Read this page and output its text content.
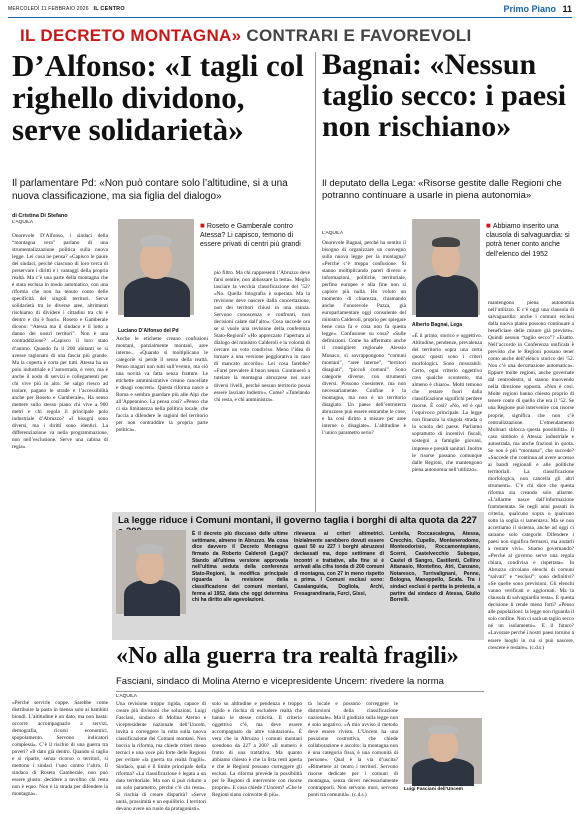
MERCOLEDÌ 11 FEBBRAIO 2026 IL CENTRO	Primo Piano 11
IL DECRETO MONTAGNA» CONTRARI E FAVOREVOLI
D’Alfonso: «I tagli col righello dividono, serve solidarietà»
Il parlamentare Pd: «Non può contare solo l’altitudine, si a una nuova classificazione, ma sia figlia del dialogo»
Bagnai: «Nessun taglio secco: i paesi non rischiano»
Il deputato della Lega: «Risorse gestite dalle Regioni che potranno continuare a usarle in piena autonomia»
di Cristina Di Stefano
L’AQUILA
Luciano D’Alfonso del Pd
■ Roseto e Gamberale contro Atessa? Li capisco, temono di essere privati di centri più grandi
Onorevole D’Alfonso, i sindaci della “montagna vera” parlano di una strumentalizzazione politica sulla nuova legge. Lei cosa ne pensa? «Capisco le paure dei sindaci, perché ciascuno di loro cerca di preservare i diritti e i vantaggi della propria realtà. Ma c’è una parte della montagna che è stata esclusa in modo automatico, con una riforma che non ha tenuto conto delle specificità dei singoli territori. Serve solidarietà tra le diverse aree, altrimenti rischiamo di dividere i cittadini tra chi è dentro e chi è fuori». Roseto e Gamberale dicono: “Atessa ma il sindaco e il lotto a danno dei nostri territori”. Non è una contraddizione? «Capisco il loro stato d’animo. Quando fu il 200 abitanti se si avesse ragionato di una fascia più grande. Ma la coperta è corta per tutti. Atessa ha un polo industriale e l’autostrada, è vero, ma è anche il nodo di servizi e collegamenti per chi vive più in alto. Se salgo riesco ad isolare, pagano le strade e l’accessibilità anche per Roseto e Gamberale». Ha senso mettere sullo stesso piano chi vive a 900 metri e chi regola il principale polo industriale d’Abruzzo? «I bisogni sono diversi, ma i diritti sono identici. La differenziazione va nella programmazione, non nell’esclusione. Serve una cabina di regia».
Anche le etichette creano confusioni montani, parzialmente montani, aree interne... «Quando si moltiplicano le categorie si perde il senso della realtà. Penso magari non tutti sull’evento, ma ciò una novità va fatta senza fratture. Le etichette amministrative creano cancellate e disagi concreti». Questa riforma nasce a Roma e sembra guardare più alle Alpi che all’Appennino. La pensa così? «Penso che ci sia limitatezza nella politica locale; che faccia a difendere le ragioni del territorio per non contraddire la propria parte politica».
pio filtro. Ma chi rappresenti l’Abruzzo deve farsi sentire, non abbassare la testa». Meglio lasciare la vecchia classificazione del ’52? «No. Quella fotografia è superata. Ma la revisione deve nascere dalla concertazione, non dei territori chiusi in una stanza. Servono conoscenza e confronti, non decisioni calate dall’alto». Cosa succede ora se si vuole una revisione della conferenza Stato-Regioni? «Ho apprezzato l’apertura al dialogo del ministro Calderoli e la volontà di cercare un voto condiviso. Meno l’idea di tornare a una versione peggiorativa in caso di mancato accordo». Lei cosa farebbe? «Farei prevalere il buon senso. Continuerò a tutelare la montagna abruzzese nei suoi diversi livelli, perché nessun territorio possa essere lasciato indietro». Come? «Tutelando chi resta, e chi amministra».
L’AQUILA
Alberto Bagnai, Lega
■ Abbiamo inserito una clausola di salvaguardia: si potrà tener conto anche dell’elenco del 1952
Onorevole Bagnai, perché ha sentito il bisogno di organizzare un convegno sulla nuova legge per la montagna? «Perché c’è troppa confusione. Si stanno moltiplicando pareri diversi e informazioni, politiche, territoriale, perfino europee e alla fine non si capisce più nulla. Ho voluto un momento di chiarezza, chiamando anche l’onorevole Pazza, già europarlamentare oggi consulente del ministro Calderoli, proprio per spiegare bene cosa fa e cosa non fa questa legge». Confusione su cosa? «Sulle definizioni. Come ha affermato anche il consigliere regionale Alessio Monaco, si sovrappongono “comuni montani”, “aree interne”, “territori disagiati”, “piccoli comuni”. Sono categorie diverse, con strumenti diversi. Possono coesistere, ma non necessariamente. Confine è la montagna, ma non è un territorio disagiato. Un paese dell’entroterra abruzzese può essere entrambe le cose, e ha così diritto a misure per aree interne o disagiate». L’altitudine è l’unico parametro serio?
«È il primo, storico e oggettivo. Altitudine, pendenze, prevalenza del territorio sopra una certa quota: questi sono i criteri morfologici. Sono misurabili. Certo, ogni criterio oggettivo crea qualche scontento, ma almeno è chiaro». Molti temono che restare fuori dalla classificazione significhi perdere risorse. È così? «No, ed è qui l’equivoco principale. La legge non finanzia la singola strada o la scuola del paese. Parliamo soprattutto di incentivi fiscali, sostegni a famiglie giovani, imprese e presidi sanitari. Inoltre le risorse passano comunque dalle Regioni, che mantengono piena autonomia nell’utilizzo».
mantengono piena autonomia nell’utilizzo. E c’è oggi una clausola di salvaguardia: anche i comuni esclusi dalla nuova platea possono continuare a beneficiare delle misure già previste». Quindi nessun “taglio secco”? «Esatto. Nell’accordo in Conferenza unificata è previsto che le Regioni possano tener conto anche dell’elenco storico del ’52. Non c’è una decurtazione automatica». Eppure molte regioni, anche governate dal centrodestra, si stanno muovendo nella direzione opposta. «Non è così. Molte regioni hanno chiesto proprio di tenere conto di quello che era il ’52. Se una Regione può intervenire con risorse proprie, significa che non c’è centralizzazione. L’emendamento Molinari sblocca questa possibilità». Il caso simbolo è Atessa: industriale e autostrada, ma anche frazioni in quota. Se non è più “montana”, che succede? «Succede che continua ad avere accesso ai bandi regionali e alle politiche territoriali. La classificazione morfologica, non cancella gli altri strumenti». C’è chi dice che questa riforma sia creando solo allarme. «L’allarme nasce dall’informazione frammentata. Se negli anni passati in criterio, qualcuno sopra o qualcuno sotto la soglia si lamentava. Ma se non accettiamo il sistema, anche ad oggi ci saranno solo categorie. Difendere i paesi non significa fermarsi, ma aiutarli a restare vivi». Stiamo governando? «Perché al governo serve una regola chiara, condivisa e rispettata». In Abruzzo circolano elenchi di comuni “salvati” e “esclusi”: sono definitivi? «Se quelle sono previsioni. Gli elenchi vanno verificati e aggiornati. Ma la clausola di salvaguardia resta». E questa decisione li rende meno forti? «Penso alle popolazioni: la legge non riguarda il solo confine. Non ci sarà un taglio secco né un isolamento». E il futuro? «Lavorare perché i nostri paesi tornino a essere luoghi in cui si può nascere, crescere e restare». (c.d.s.)
La legge riduce i Comuni montani, il governo taglia i borghi di alta quota da 227
È il decreto più discusso delle ultime settimane, almeno in Abruzzo. Ma cosa dice davvero il Decreto Montagna firmato da Roberto Calderoli (Lega)? Stando all’ultima versione approvata nell’ultima seduta della conferenza Stato-Regioni, la modifica principale riguarda la revisione della classificazione dei comuni montani, ferma al 1952, data che oggi determina chi ha diritto alle agevolazioni.
rilevanza ai criteri altimetrici. Inizialmente sarebbero dovuti essere quasi 50 su 227 i borghi abruzzesi declassati ma, dopo settimane di incontri e trattative, alla fine si è arrivati alla cifra tonda di 200 comuni di montagna, con 27 in meno rispetto a prima. I Comuni esclusi sono: Casalanguida, Dogliola, Archi, Fresagrandinaria, Furci, Gissi,
Lentella, Roccascalegna, Atessa, Crecchio, Cupello, Montenerodomo, Monteodorisio, Roccamontepiano, Scerni, Castelvecchio Subequo, Castel di Sangro, Castilenti, Cellino Attanasio, Montefino, Atri, Canzano, Notaresco, Turrivalignani, Penne, Bologna, Manoppello, Scafa. Tra i sindaci esclusi è partita la protesta, a partire dal sindaco di Atessa, Giulio Borrelli.
«No alla guerra tra realtà fragili»
Fasciani, sindaco di Molina Aterno e vicepresidente Uncem: rivedere la norma
L’AQUILA
«Perché servirle coppe. Sarebbe come distribuire la pasta in mensa solo ai bambini biondi. L’altitudine è un dato, ma non basta: occorre accompagnarlo a servizi, demografia, ricorsi economici, spopolamento. Servono indicatori complessi». C’è il rischio di una guerra tra poveri? «Il dato già dentro. Quando si taglia e si riparte, senza ricorso o territori, si mettono i sindaci l’uno contro l’altro. Il sindaco di Roseto Gamberale, non può essere giusto: decidere a tavolino chi resta non è equo. Non è la strada per difendere la montagna».
Una revisione troppo rigida, capace di creare più divisioni che soluzioni. Luigi Fasciani, sindaco di Molina Aterno e vicepresidente nazionale dell’Uncem, invita a correggere la rotta sulla nuova classificazione dei Comuni montani. Non boccia la riforma, ma chiede criteri meno tecnici e una voce più forte delle Regioni per evitare «la guerra tra realtà fragili». Sindaco, qual è il limite principale della riforma? «La classificazione è legata a un dato territoriale. Ma non si può ridurre a un solo parametro, perché c’è chi resta». Si rischia di creare disparità? «Serve unità, prossimità e un equilibrio. I territori devono avere un ruolo da protagonisti».
solo su altitudine e pendenza è troppo rigido e rischia di escludere realtà che hanno le stesse criticità. Il criterio oggettivo c’è, ma deve essere accompagnato da altre valutazioni». È vero che in Abruzzo i comuni montani scendono da 227 a 200? «Il numero è frutto di una trattativa. Ma quanto abbiamo chiesto è che la lista resti aperta e che le Regioni possano correggere gli esclusi. La riforma prevede la possibilità per le Regioni di intervenire con risorse proprie». E cosa chiede l’Uncem? «Che le Regioni siano coinvolte di più».
tà locale e possono correggere le distorsioni della classificazione nazionale». Ma il giudizio sulla legge non è solo negativo. «A mio avviso il metodo deve essere rivisto. L’Uncem ha una posizione costruttiva, che chiede collaborazione e ascolto: la montagna non è una categoria fissa, è una comunità di persone». Qual è la via d’uscita? «Rimettere al centro i territori. Servono risorse dedicate per i comuni di montagna, senza dover necessariamente contrapporli. Non servono muri, servono ponti tra comunità». (c.d.s.)
Luigi Fasciani dell’Uncem
